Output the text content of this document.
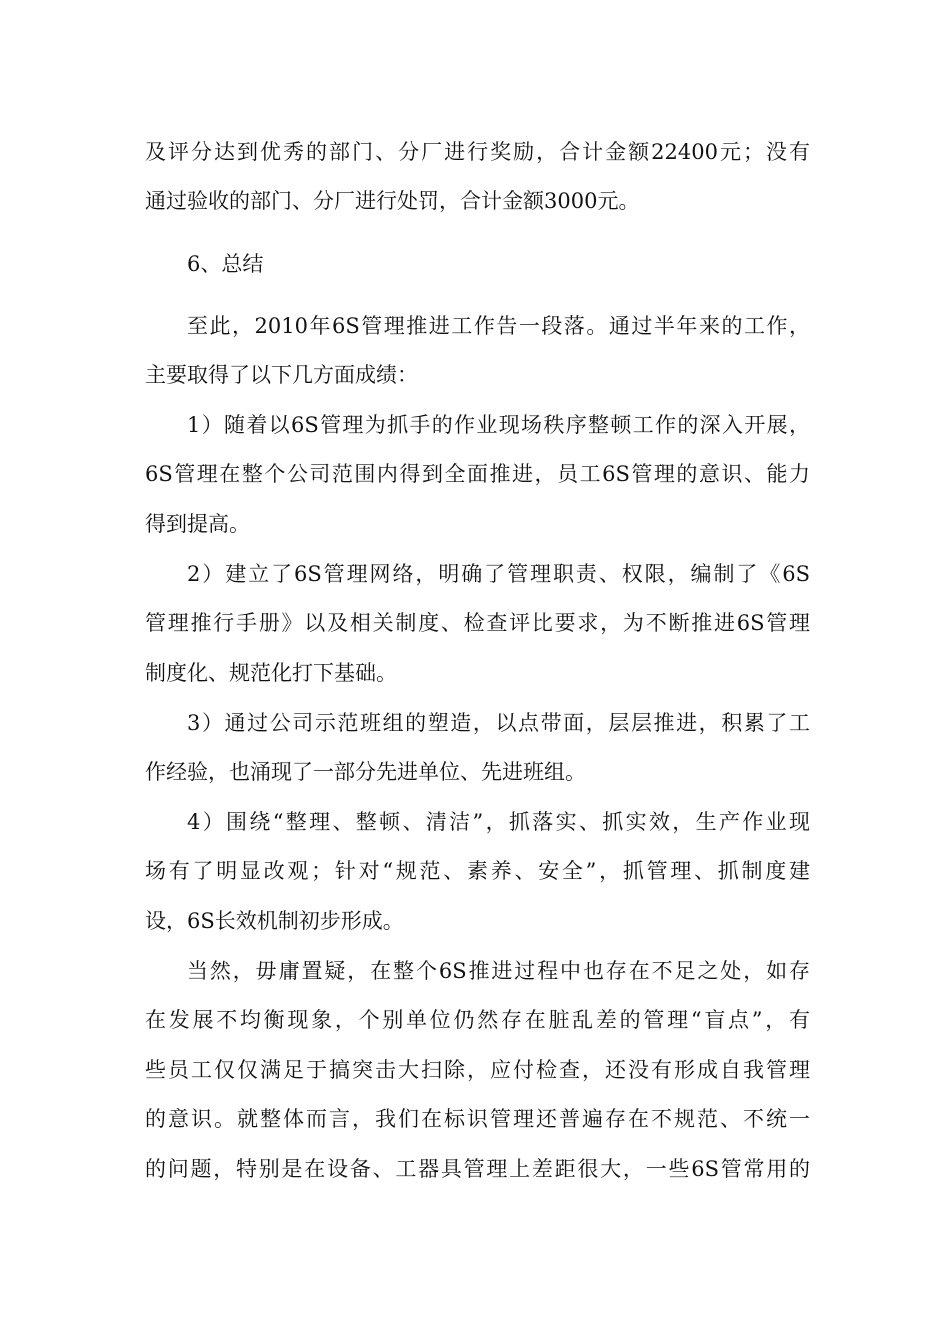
及评分达到优秀的部门、分厂进行奖励，合计金额22400元；没有
通过验收的部门、分厂进行处罚，合计金额3000元。
6、总结
至此，2010年6S管理推进工作告一段落。通过半年来的工作，
主要取得了以下几方面成绩：
1）随着以6S管理为抓手的作业现场秩序整顿工作的深入开展，
6S管理在整个公司范围内得到全面推进，员工6S管理的意识、能力
得到提高。
2）建立了6S管理网络，明确了管理职责、权限，编制了《6S
管理推行手册》以及相关制度、检查评比要求，为不断推进6S管理
制度化、规范化打下基础。
3）通过公司示范班组的塑造，以点带面，层层推进，积累了工
作经验，也涌现了一部分先进单位、先进班组。
4）围绕“整理、整顿、清洁”，抓落实、抓实效，生产作业现
场有了明显改观；针对“规范、素养、安全”，抓管理、抓制度建
设，6S长效机制初步形成。
当然，毋庸置疑，在整个6S推进过程中也存在不足之处，如存
在发展不均衡现象，个别单位仍然存在脏乱差的管理“盲点”，有
些员工仅仅满足于搞突击大扫除，应付检查，还没有形成自我管理
的意识。就整体而言，我们在标识管理还普遍存在不规范、不统一
的问题，特别是在设备、工器具管理上差距很大，一些6S管常用的
